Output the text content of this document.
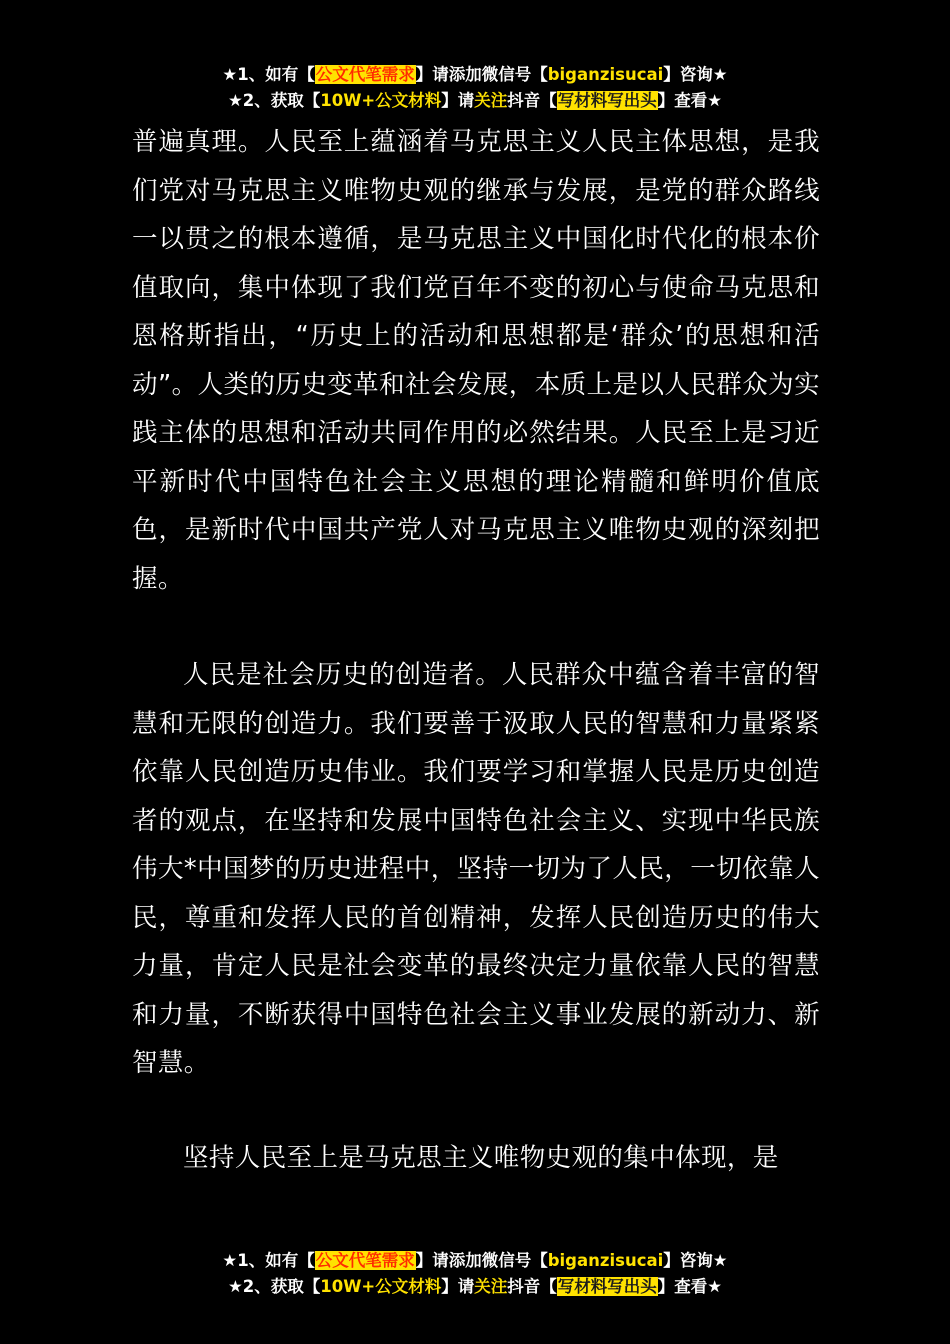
★1、如有【公文代笔需求】请添加微信号【biganzisucai】咨询★
★2、获取【10W+公文材料】请关注抖音【写材料写出头】查看★

普遍真理。人民至上蕴涵着马克思主义人民主体思想，是我们党对马克思主义唯物史观的继承与发展，是党的群众路线一以贯之的根本遵循，是马克思主义中国化时代化的根本价值取向，集中体现了我们党百年不变的初心与使命马克思和恩格斯指出，“历史上的活动和思想都是‘群众’的思想和活动”。人类的历史变革和社会发展，本质上是以人民群众为实践主体的思想和活动共同作用的必然结果。人民至上是习近平新时代中国特色社会主义思想的理论精髓和鲜明价值底色，是新时代中国共产党人对马克思主义唯物史观的深刻把握。

人民是社会历史的创造者。人民群众中蕴含着丰富的智慧和无限的创造力。我们要善于汲取人民的智慧和力量紧紧依靠人民创造历史伟业。我们要学习和掌握人民是历史创造者的观点，在坚持和发展中国特色社会主义、实现中华民族伟大*中国梦的历史进程中，坚持一切为了人民，一切依靠人民，尊重和发挥人民的首创精神，发挥人民创造历史的伟大力量，肯定人民是社会变革的最终决定力量依靠人民的智慧和力量，不断获得中国特色社会主义事业发展的新动力、新智慧。

坚持人民至上是马克思主义唯物史观的集中体现，是

★1、如有【公文代笔需求】请添加微信号【biganzisucai】咨询★
★2、获取【10W+公文材料】请关注抖音【写材料写出头】查看★
